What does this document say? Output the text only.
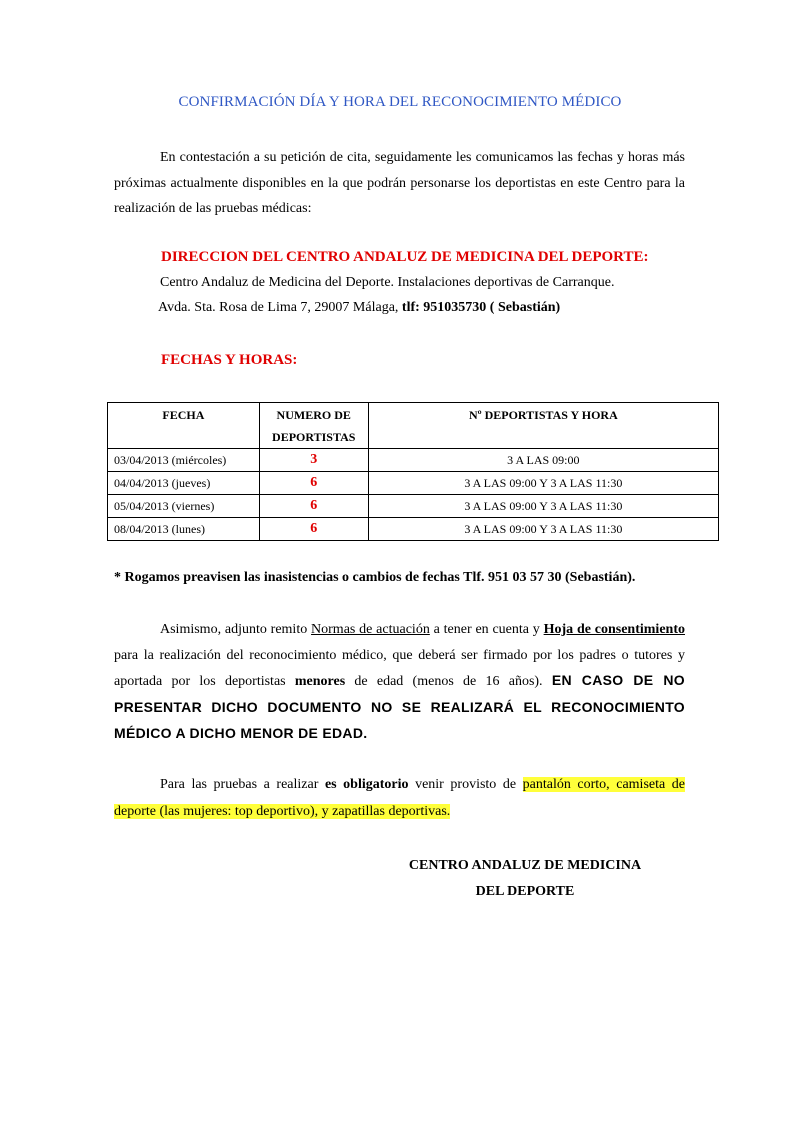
CONFIRMACIÓN DÍA Y HORA DEL RECONOCIMIENTO MÉDICO

En contestación a su petición de cita, seguidamente les comunicamos las fechas y horas más próximas actualmente disponibles en la que podrán personarse los deportistas en este Centro para la realización de las pruebas médicas:

DIRECCION DEL CENTRO ANDALUZ DE MEDICINA DEL DEPORTE:
Centro Andaluz de Medicina del Deporte. Instalaciones deportivas de Carranque.
Avda. Sta. Rosa de Lima 7, 29007 Málaga, tlf: 951035730 ( Sebastián)
FECHAS Y HORAS:
FECHA	NUMERO DE DEPORTISTAS	Nº DEPORTISTAS Y HORA
03/04/2013 (miércoles)	3	3 A LAS 09:00
04/04/2013 (jueves)	6	3 A LAS 09:00 Y 3 A LAS 11:30
05/04/2013 (viernes)	6	3 A LAS 09:00 Y 3 A LAS 11:30
08/04/2013 (lunes)	6	3 A LAS 09:00 Y 3 A LAS 11:30
* Rogamos preavisen las inasistencias o cambios de fechas Tlf. 951 03 57 30 (Sebastián).

Asimismo, adjunto remito Normas de actuación a tener en cuenta y Hoja de consentimiento para la realización del reconocimiento médico, que deberá ser firmado por los padres o tutores y aportada por los deportistas menores de edad (menos de 16 años). EN CASO DE NO PRESENTAR DICHO DOCUMENTO NO SE REALIZARÁ EL RECONOCIMIENTO MÉDICO A DICHO MENOR DE EDAD.

Para las pruebas a realizar es obligatorio venir provisto de pantalón corto, camiseta de deporte (las mujeres: top deportivo), y zapatillas deportivas.

CENTRO ANDALUZ DE MEDICINA
DEL DEPORTE
